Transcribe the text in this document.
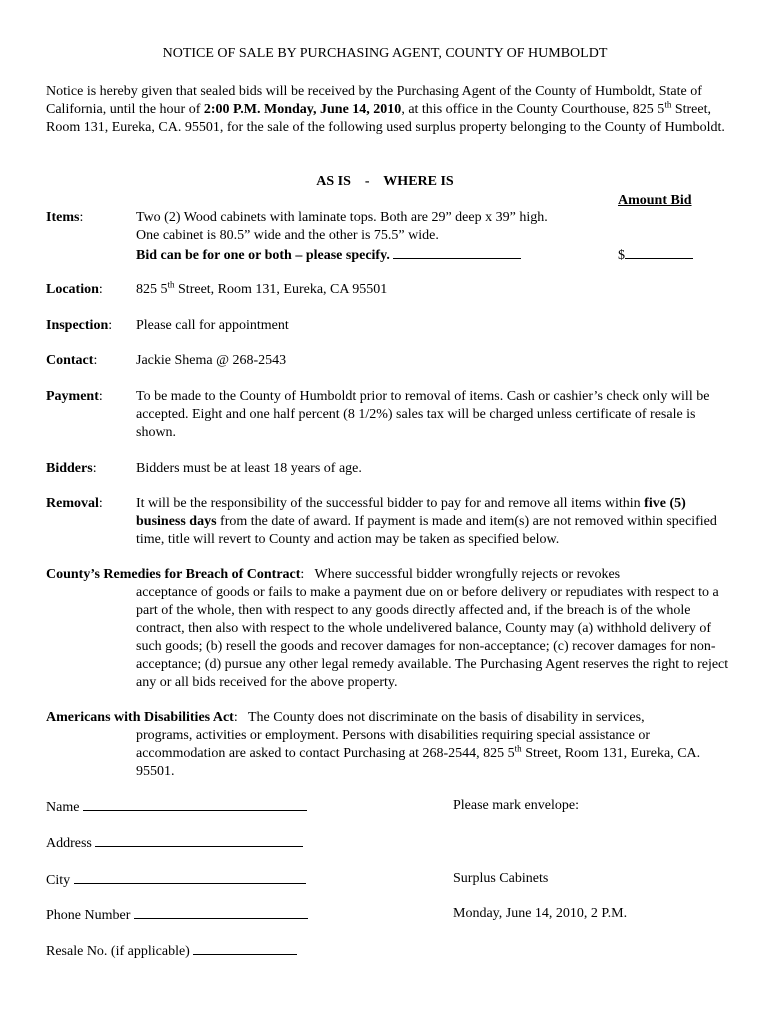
NOTICE OF SALE BY PURCHASING AGENT, COUNTY OF HUMBOLDT
Notice is hereby given that sealed bids will be received by the Purchasing Agent of the County of Humboldt, State of California, until the hour of 2:00 P.M. Monday, June 14, 2010, at this office in the County Courthouse, 825 5th Street, Room 131, Eureka, CA. 95501, for the sale of the following used surplus property belonging to the County of Humboldt.
AS IS    -    WHERE IS
Amount Bid
Items:	Two (2) Wood cabinets with laminate tops. Both are 29” deep x 39” high. One cabinet is 80.5” wide and the other is 75.5” wide.
Bid can be for one or both – please specify.	$
Location: 825 5th Street, Room 131, Eureka, CA 95501
Inspection: Please call for appointment
Contact:	Jackie Shema @ 268-2543
Payment: To be made to the County of Humboldt prior to removal of items. Cash or cashier’s check only will be accepted. Eight and one half percent (8 1/2%) sales tax will be charged unless certificate of resale is shown.
Bidders:	Bidders must be at least 18 years of age.
Removal: It will be the responsibility of the successful bidder to pay for and remove all items within five (5) business days from the date of award. If payment is made and item(s) are not removed within specified time, title will revert to County and action may be taken as specified below.
County’s Remedies for Breach of Contract:   Where successful bidder wrongfully rejects or revokes
acceptance of goods or fails to make a payment due on or before delivery or repudiates with respect to a part of the whole, then with respect to any goods directly affected and, if the breach is of the whole contract, then also with respect to the whole undelivered balance, County may (a) withhold delivery of such goods; (b) resell the goods and recover damages for non-acceptance; (c) recover damages for non-acceptance; (d) pursue any other legal remedy available. The Purchasing Agent reserves the right to reject any or all bids received for the above property.
Americans with Disabilities Act:   The County does not discriminate on the basis of disability in services,
programs, activities or employment. Persons with disabilities requiring special assistance or accommodation are asked to contact Purchasing at 268-2544, 825 5th Street, Room 131, Eureka, CA. 95501.
Name
Address
City
Phone Number
Resale No. (if applicable)
Please mark envelope:
Surplus Cabinets
Monday, June 14, 2010, 2 P.M.
